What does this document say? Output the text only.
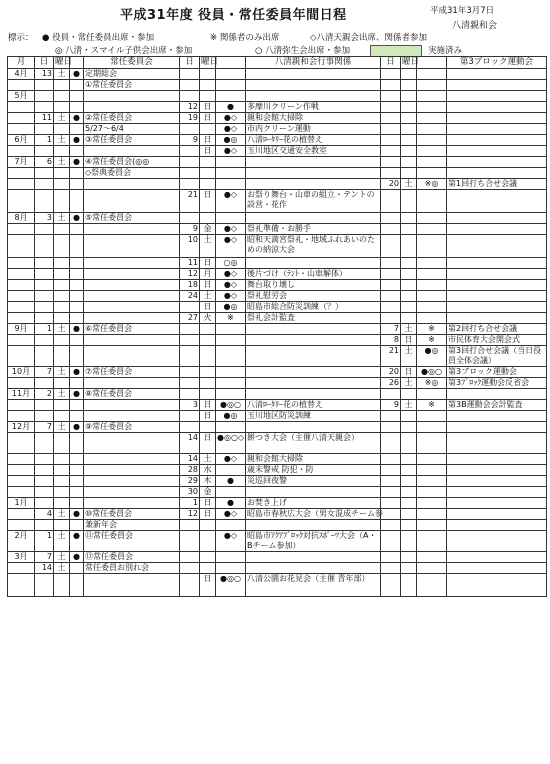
平成31年度 役員・常任委員年間日程	平成31年3月7日
八清親和会
標示： ● 役員・常任委員出席・参加	※ 関係者のみ出席	◇八清天親会出席、関係者参加
◎ 八清・スマイル子供会出席・参加	○ 八清弥生会出席・参加	実施済み
月	日	曜日		常任委員会	日	曜日		八清親和会行事関係	日	曜日		第3ブロック運動会
4月	13	土	●	定期総会								
				①常任委員会								
5月												
					12	日	●	多摩川クリーン作戦				
	11	土	●	②常任委員会	19	日	●◇	親和会館大掃除				
				5/27～6/4			●◇	市内クリーン運動				
6月	1	土	●	③常任委員会	9	日	●◎	八清ﾛｰﾀﾘｰ花の植替え				
						日	●◇	玉川地区交通安全教室				
7月	6	土	●	④常任委員会(◎◎								
				◇祭典委員会								
									20	土	※◎	第1回打ち合せ会議
					21	日	●◇	お祭り舞台・山車の組立・テントの設営・花作				
8月	3	土	●	⑤常任委員会								
					9	金	●◇	祭礼準備・お勝手				
					10	土	●◇	昭和天満宮祭礼・地域ふれあいのための納涼大会				
					11	日	○◎					
					12	月	●◇	後片づけ（ﾃﾝﾄ・山車解体）				
					18	日	●◇	舞台取り壊し				
					24	土	●◇	祭礼慰労会				
						日	●◎	昭島市総合防災訓練（？）				
					27	火	※	祭礼会計監査				
9月	1	土	●	⑥常任委員会					7	土	※	第2回打ち合せ会議
									8	日	※	市民体育大会開会式
									21	土	●◎	第3回打合せ会議（当日役員全体会議）
10月	7	土	●	⑦常任委員会					20	日	●◎○	第3ブロック運動会
									26	土	※◎	第3ﾌﾞﾛｯｸ運動会反省会
11月	2	土	●	⑧常任委員会								
					3	日	●◎○	八清ﾛｰﾀﾘｰ花の植替え	9	土	※	第3B運動会会計監査
						日	●◎	玉川地区防災訓練				
12月	7	土	●	⑨常任委員会								
					14	日	●◎○◇	餅つき大会（主催八清天親会）				
					14	土	●◇	親和会館大掃除				
					28	水		歳末警戒 防犯・防				
					29	木	●	災巡回夜警				
					30	金						
1月					1	日	●	お焚き上げ				
	4	土	●	⑩常任委員会	12	日	●◇	昭島市春秋広大会（男女混成チーム参				
				兼新年会								
2月	1	土	●	⑪常任委員会			●◇	昭島市ｱｸｱﾌﾞﾛｯｸ対抗ｽﾎﾟｰﾂ大会（A・Bチーム参加）				
3月	7	土	●	⑫常任委員会								
	14	土		常任委員お別れ会								
						日	●◎○	八清公園お花見会（主催 青年部）				
